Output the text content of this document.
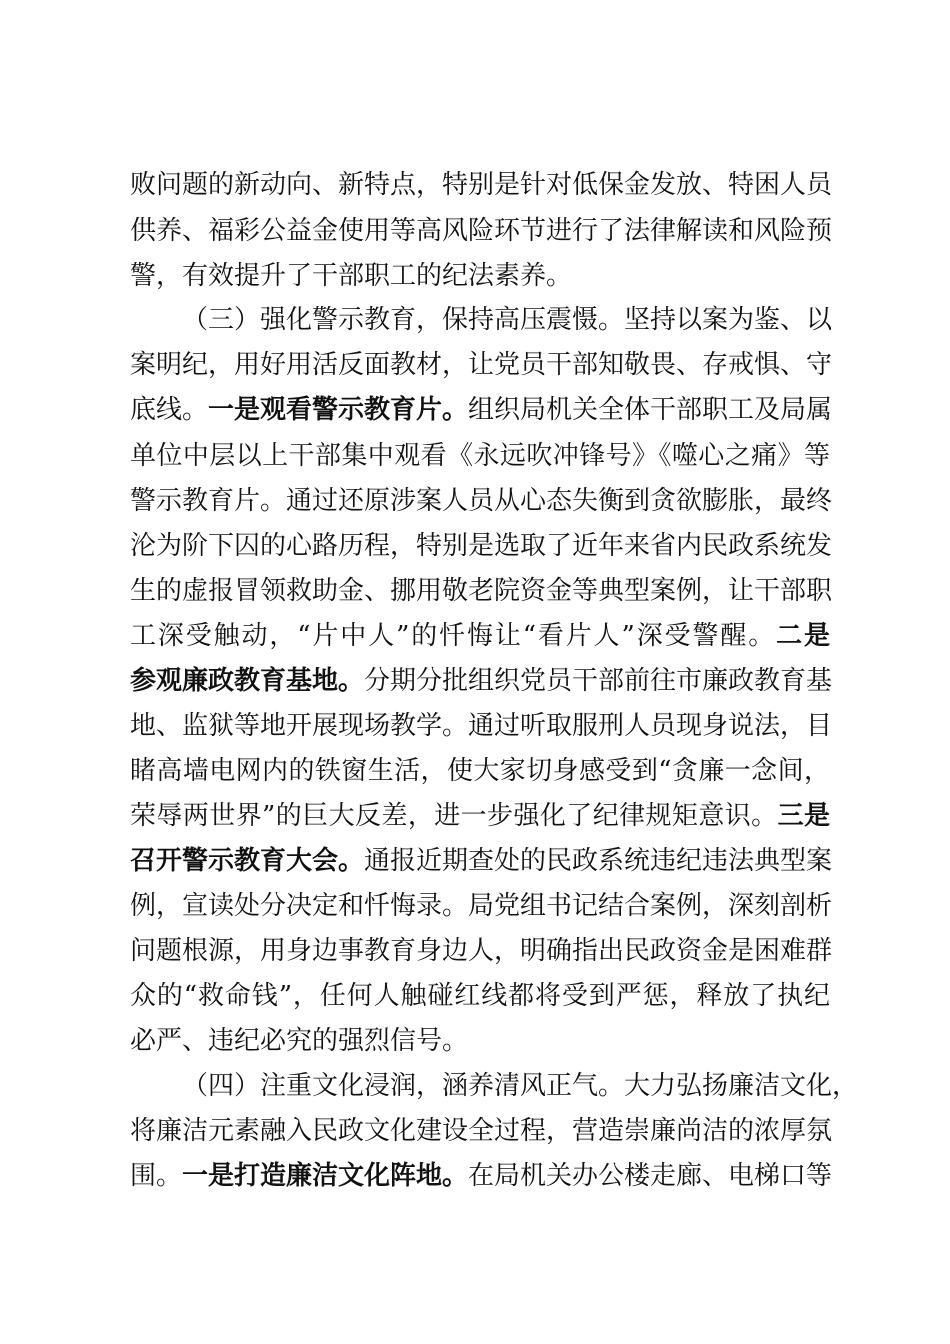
败问题的新动向、新特点，特别是针对低保金发放、特困人员
供养、福彩公益金使用等高风险环节进行了法律解读和风险预
警，有效提升了干部职工的纪法素养。
（三）强化警示教育，保持高压震慑。坚持以案为鉴、以
案明纪，用好用活反面教材，让党员干部知敬畏、存戒惧、守
底线。一是观看警示教育片。组织局机关全体干部职工及局属
单位中层以上干部集中观看《永远吹冲锋号》《噬心之痛》等
警示教育片。通过还原涉案人员从心态失衡到贪欲膨胀，最终
沦为阶下囚的心路历程，特别是选取了近年来省内民政系统发
生的虚报冒领救助金、挪用敬老院资金等典型案例，让干部职
工深受触动，“片中人”的忏悔让“看片人”深受警醒。二是
参观廉政教育基地。分期分批组织党员干部前往市廉政教育基
地、监狱等地开展现场教学。通过听取服刑人员现身说法，目
睹高墙电网内的铁窗生活，使大家切身感受到“贪廉一念间，
荣辱两世界”的巨大反差，进一步强化了纪律规矩意识。三是
召开警示教育大会。通报近期查处的民政系统违纪违法典型案
例，宣读处分决定和忏悔录。局党组书记结合案例，深刻剖析
问题根源，用身边事教育身边人，明确指出民政资金是困难群
众的“救命钱”，任何人触碰红线都将受到严惩，释放了执纪
必严、违纪必究的强烈信号。
（四）注重文化浸润，涵养清风正气。大力弘扬廉洁文化，
将廉洁元素融入民政文化建设全过程，营造崇廉尚洁的浓厚氛
围。一是打造廉洁文化阵地。在局机关办公楼走廊、电梯口等
